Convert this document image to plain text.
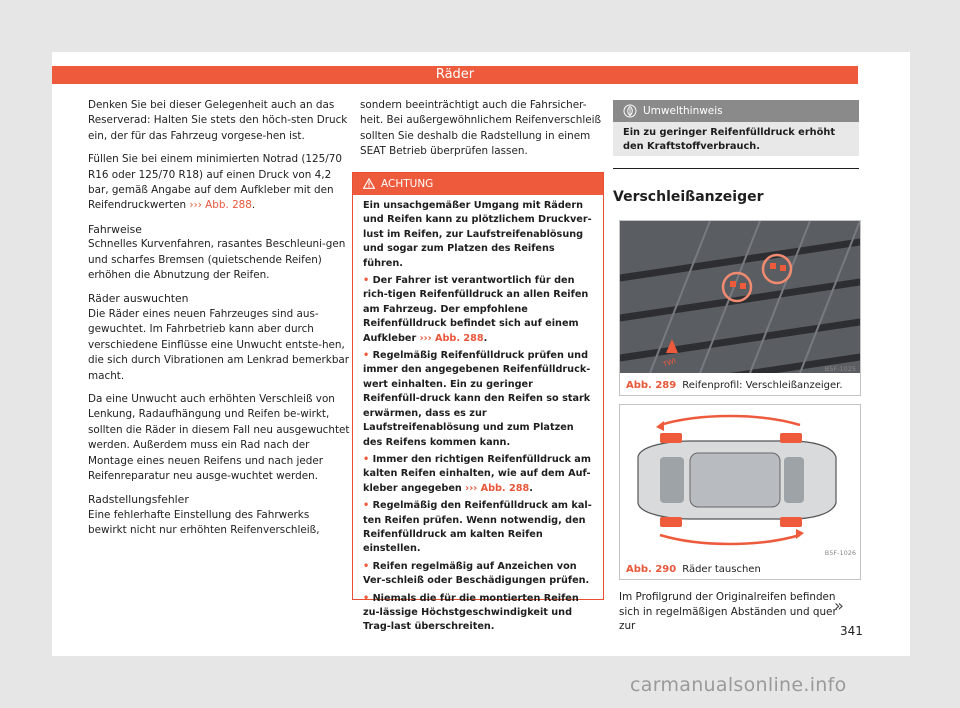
Räder

Denken Sie bei dieser Gelegenheit auch an das Reserverad: Halten Sie stets den höch-sten Druck ein, der für das Fahrzeug vorgese-hen ist.

Füllen Sie bei einem minimierten Notrad (125/70 R16 oder 125/70 R18) auf einen Druck von 4,2 bar, gemäß Angabe auf dem Aufkleber mit den Reifendruckwerten ››› Abb. 288.

Fahrweise

Schnelles Kurvenfahren, rasantes Beschleuni-gen und scharfes Bremsen (quietschende Reifen) erhöhen die Abnutzung der Reifen.

Räder auswuchten

Die Räder eines neuen Fahrzeuges sind aus-gewuchtet. Im Fahrbetrieb kann aber durch verschiedene Einflüsse eine Unwucht entste-hen, die sich durch Vibrationen am Lenkrad bemerkbar macht.

Da eine Unwucht auch erhöhten Verschleiß von Lenkung, Radaufhängung und Reifen be-wirkt, sollten die Räder in diesem Fall neu ausgewuchtet werden. Außerdem muss ein Rad nach der Montage eines neuen Reifens und nach jeder Reifenreparatur neu ausge-wuchtet werden.

Radstellungsfehler

Eine fehlerhafte Einstellung des Fahrwerks bewirkt nicht nur erhöhten Reifenverschleiß,

sondern beeinträchtigt auch die Fahrsicher-heit. Bei außergewöhnlichem Reifenverschleiß sollten Sie deshalb die Radstellung in einem SEAT Betrieb überprüfen lassen.

ACHTUNG

Ein unsachgemäßer Umgang mit Rädern und Reifen kann zu plötzlichem Druckver-lust im Reifen, zur Laufstreifenablösung und sogar zum Platzen des Reifens führen.

• Der Fahrer ist verantwortlich für den rich-tigen Reifenfülldruck an allen Reifen am Fahrzeug. Der empfohlene Reifenfülldruck befindet sich auf einem Aufkleber ››› Abb. 288.

• Regelmäßig Reifenfülldruck prüfen und immer den angegebenen Reifenfülldruck-wert einhalten. Ein zu geringer Reifenfüll-druck kann den Reifen so stark erwärmen, dass es zur Laufstreifenablösung und zum Platzen des Reifens kommen kann.

• Immer den richtigen Reifenfülldruck am kalten Reifen einhalten, wie auf dem Auf-kleber angegeben ››› Abb. 288.

• Regelmäßig den Reifenfülldruck am kal-ten Reifen prüfen. Wenn notwendig, den Reifenfülldruck am kalten Reifen einstellen.

• Reifen regelmäßig auf Anzeichen von Ver-schleiß oder Beschädigungen prüfen.

• Niemals die für die montierten Reifen zu-lässige Höchstgeschwindigkeit und Trag-last überschreiten.

Umwelthinweis
Ein zu geringer Reifenfülldruck erhöht den Kraftstoffverbrauch.
Verschleißanzeiger
TWI
B5F-1025
Abb. 289 Reifenprofil: Verschleißanzeiger.
B5F-1026
Abb. 290 Räder tauschen
Im Profilgrund der Originalreifen befinden sich in regelmäßigen Abständen und quer zur
»
341
carmanualsonline.info
